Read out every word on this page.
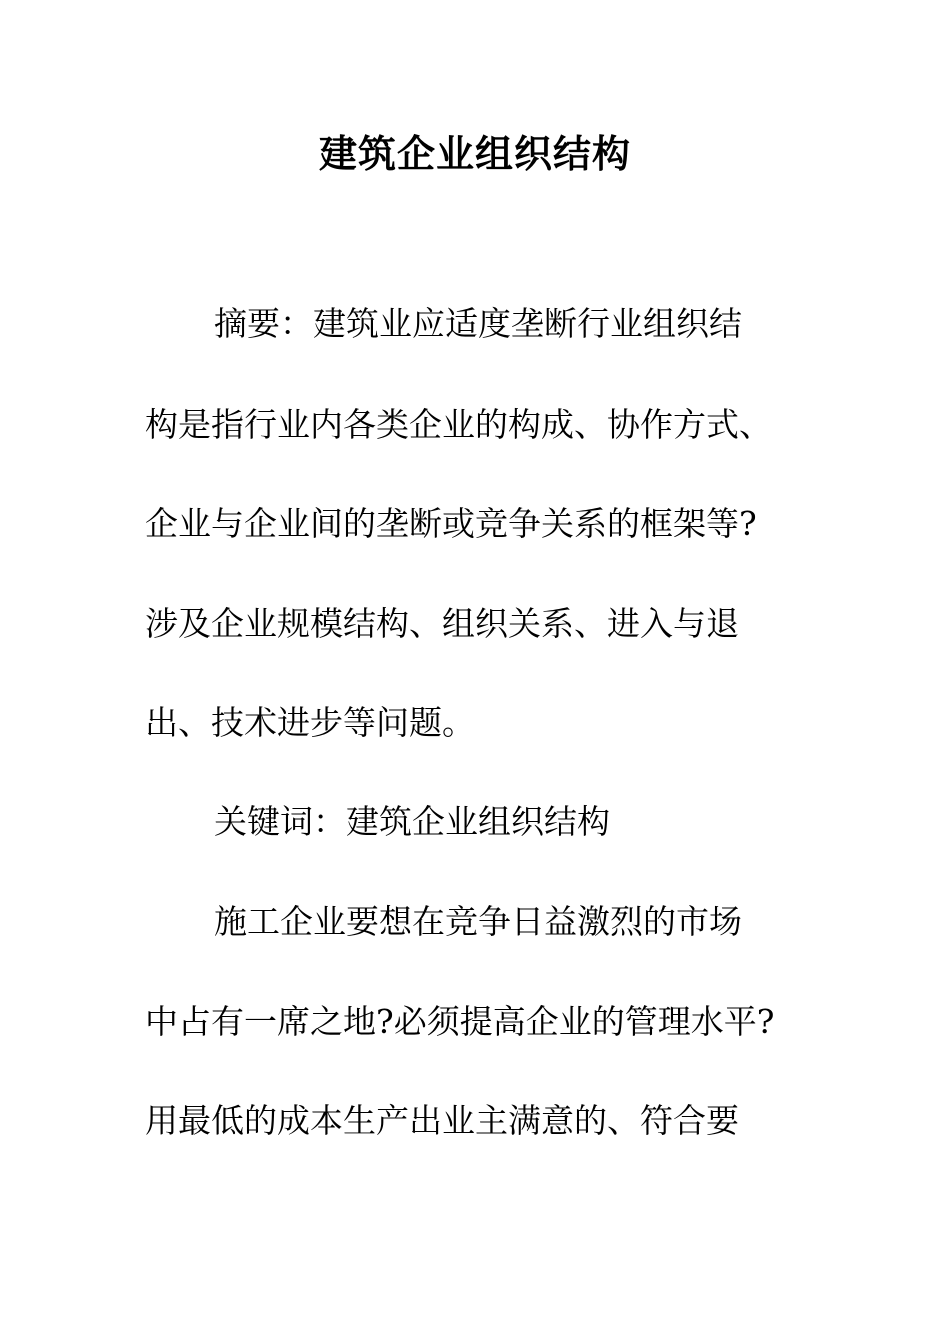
建筑企业组织结构
摘要：建筑业应适度垄断行业组织结
构是指行业内各类企业的构成、协作方式、
企业与企业间的垄断或竞争关系的框架等?
涉及企业规模结构、组织关系、进入与退
出、技术进步等问题。
关键词：建筑企业组织结构
施工企业要想在竞争日益激烈的市场
中占有一席之地?必须提高企业的管理水平?
用最低的成本生产出业主满意的、符合要
